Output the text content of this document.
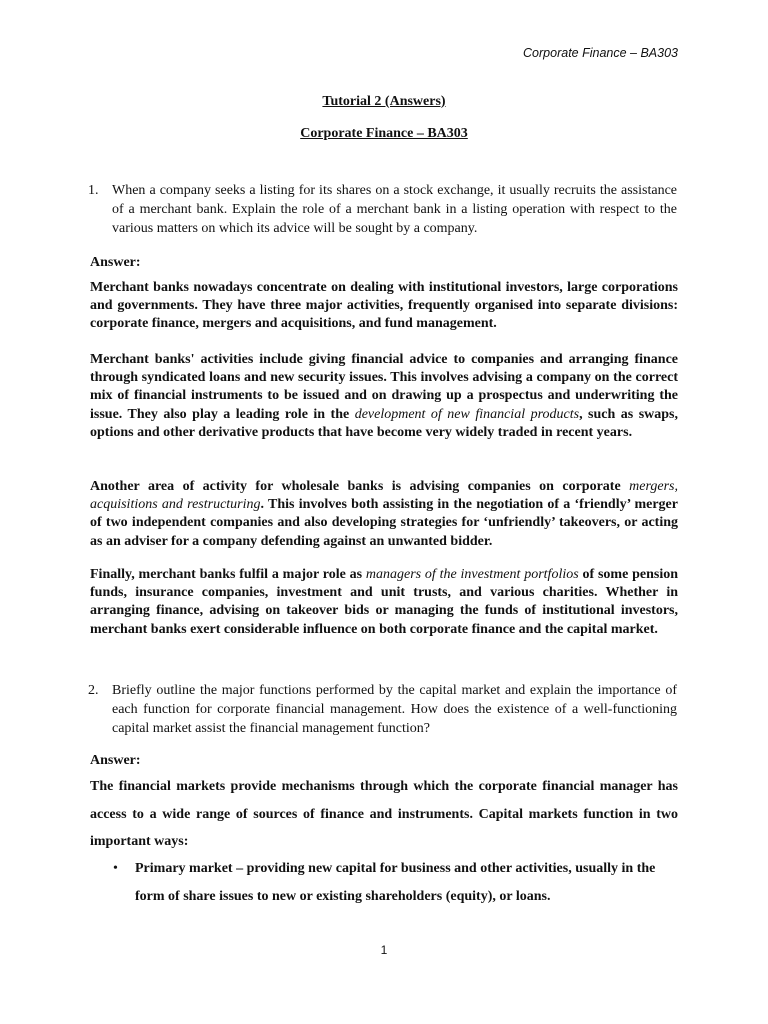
Corporate Finance – BA303
Tutorial 2 (Answers)
Corporate Finance – BA303
1. When a company seeks a listing for its shares on a stock exchange, it usually recruits the assistance of a merchant bank. Explain the role of a merchant bank in a listing operation with respect to the various matters on which its advice will be sought by a company.
Answer:

Merchant banks nowadays concentrate on dealing with institutional investors, large corporations and governments. They have three major activities, frequently organised into separate divisions: corporate finance, mergers and acquisitions, and fund management.

Merchant banks' activities include giving financial advice to companies and arranging finance through syndicated loans and new security issues. This involves advising a company on the correct mix of financial instruments to be issued and on drawing up a prospectus and underwriting the issue. They also play a leading role in the development of new financial products, such as swaps, options and other derivative products that have become very widely traded in recent years.

Another area of activity for wholesale banks is advising companies on corporate mergers, acquisitions and restructuring. This involves both assisting in the negotiation of a ‘friendly’ merger of two independent companies and also developing strategies for ‘unfriendly’ takeovers, or acting as an adviser for a company defending against an unwanted bidder.

Finally, merchant banks fulfil a major role as managers of the investment portfolios of some pension funds, insurance companies, investment and unit trusts, and various charities. Whether in arranging finance, advising on takeover bids or managing the funds of institutional investors, merchant banks exert considerable influence on both corporate finance and the capital market.

2. Briefly outline the major functions performed by the capital market and explain the importance of each function for corporate financial management. How does the existence of a well-functioning capital market assist the financial management function?
Answer:

The financial markets provide mechanisms through which the corporate financial manager has access to a wide range of sources of finance and instruments. Capital markets function in two important ways:

• Primary market – providing new capital for business and other activities, usually in the form of share issues to new or existing shareholders (equity), or loans.
1
